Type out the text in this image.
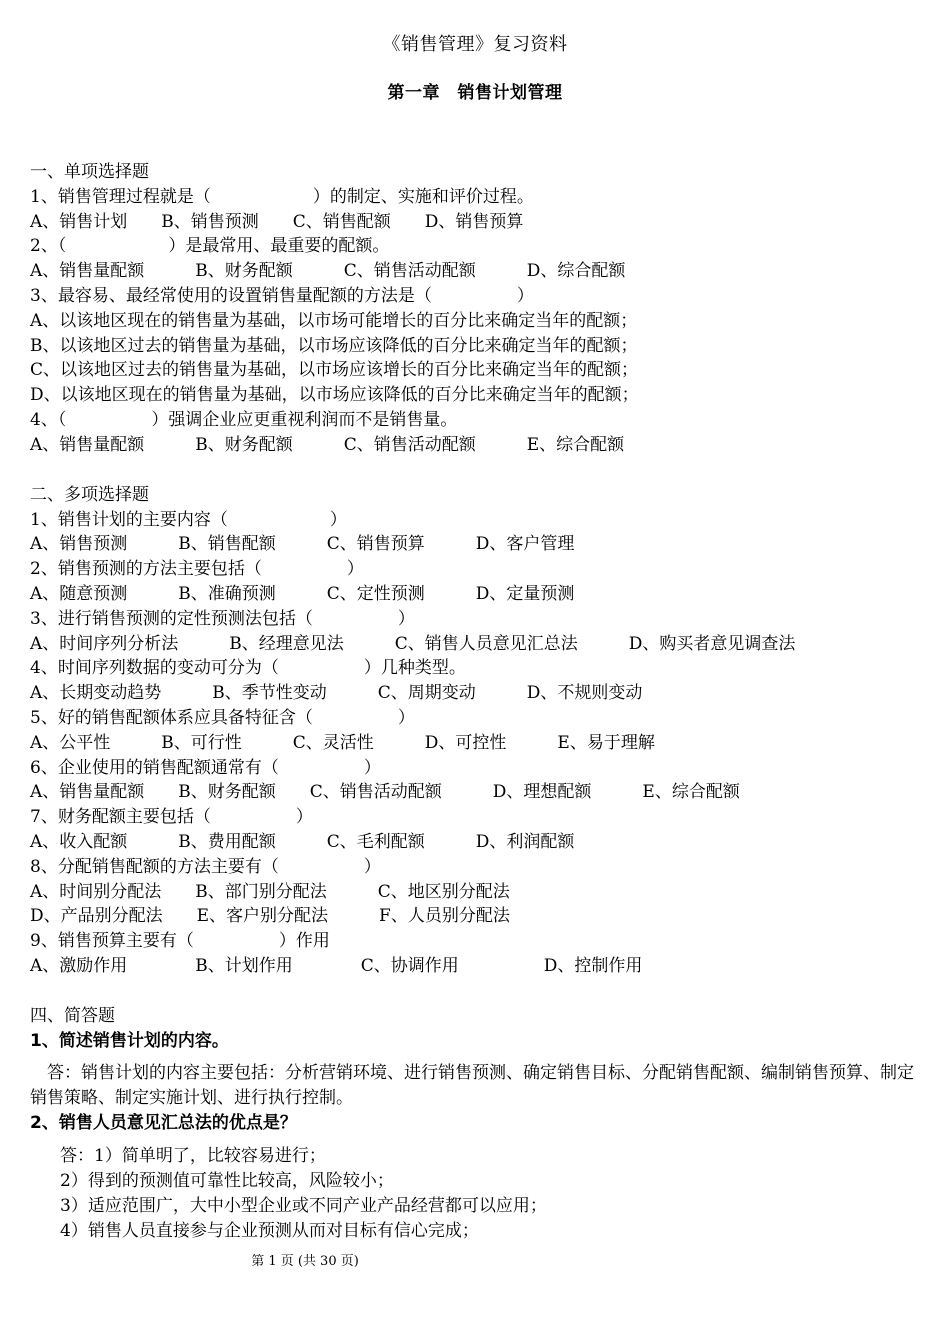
《销售管理》复习资料
第一章　销售计划管理
一、单项选择题
1、销售管理过程就是（　　　　　　）的制定、实施和评价过程。
A、销售计划　　B、销售预测　　C、销售配额　　D、销售预算
2、（　　　　　　）是最常用、最重要的配额。
A、销售量配额　　　B、财务配额　　　C、销售活动配额　　　D、综合配额
3、最容易、最经常使用的设置销售量配额的方法是（　　　　　）
A、以该地区现在的销售量为基础，以市场可能增长的百分比来确定当年的配额；
B、以该地区过去的销售量为基础，以市场应该降低的百分比来确定当年的配额；
C、以该地区过去的销售量为基础，以市场应该增长的百分比来确定当年的配额；
D、以该地区现在的销售量为基础，以市场应该降低的百分比来确定当年的配额；
4、（　　　　　）强调企业应更重视利润而不是销售量。
A、销售量配额　　　B、财务配额　　　C、销售活动配额　　　E、综合配额
二、多项选择题
1、销售计划的主要内容（　　　　　　）
A、销售预测　　　B、销售配额　　　C、销售预算　　　D、客户管理
2、销售预测的方法主要包括（　　　　　）
A、随意预测　　　B、准确预测　　　C、定性预测　　　D、定量预测
3、进行销售预测的定性预测法包括（　　　　　）
A、时间序列分析法　　　B、经理意见法　　　C、销售人员意见汇总法　　　D、购买者意见调查法
4、时间序列数据的变动可分为（　　　　　）几种类型。
A、长期变动趋势　　　B、季节性变动　　　C、周期变动　　　D、不规则变动
5、好的销售配额体系应具备特征含（　　　　　）
A、公平性　　　B、可行性　　　C、灵活性　　　D、可控性　　　E、易于理解
6、企业使用的销售配额通常有（　　　　　）
A、销售量配额　　B、财务配额　　C、销售活动配额　　　D、理想配额　　　E、综合配额
7、财务配额主要包括（　　　　　）
A、收入配额　　　B、费用配额　　　C、毛利配额　　　D、利润配额
8、分配销售配额的方法主要有（　　　　　）
A、时间别分配法　　B、部门别分配法　　　C、地区别分配法
D、产品别分配法　　E、客户别分配法　　　F、人员别分配法
9、销售预算主要有（　　　　　）作用
A、激励作用　　　　B、计划作用　　　　C、协调作用　　　　　D、控制作用
四、简答题
1、简述销售计划的内容。
　答：销售计划的内容主要包括：分析营销环境、进行销售预测、确定销售目标、分配销售配额、编制销售预算、制定销售策略、制定实施计划、进行执行控制。
2、销售人员意见汇总法的优点是？
答：1）简单明了，比较容易进行；
2）得到的预测值可靠性比较高，风险较小；
3）适应范围广，大中小型企业或不同产业产品经营都可以应用；
4）销售人员直接参与企业预测从而对目标有信心完成；
第 1 页 (共 30 页)
